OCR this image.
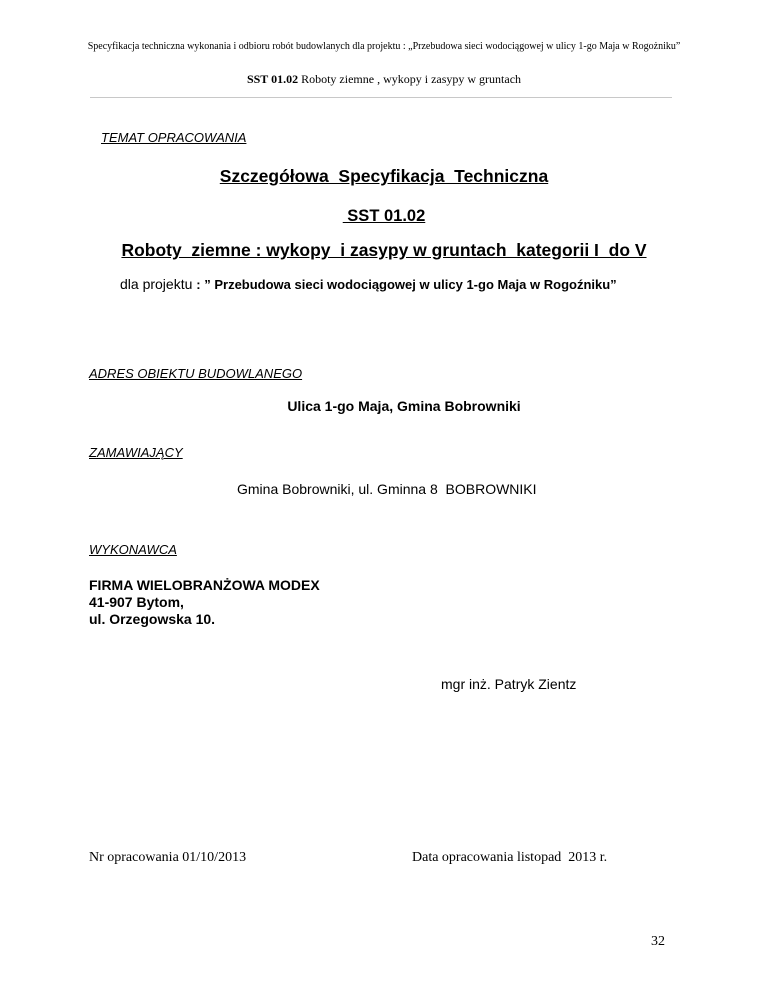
Specyfikacja techniczna wykonania i odbioru robót budowlanych dla projektu : „Przebudowa sieci wodociągowej w ulicy 1-go Maja w Rogożniku”
SST 01.02 Roboty ziemne , wykopy i zasypy w gruntach
TEMAT OPRACOWANIA
Szczegółowa  Specyfikacja  Techniczna
SST 01.02
Roboty  ziemne : wykopy  i zasypy w gruntach  kategorii I  do V
dla projektu : ” Przebudowa sieci wodociągowej w ulicy 1-go Maja w Rogoźniku”
ADRES OBIEKTU BUDOWLANEGO
Ulica 1-go Maja, Gmina Bobrowniki
ZAMAWIAJĄCY
Gmina Bobrowniki, ul. Gminna 8  BOBROWNIKI
WYKONAWCA
FIRMA WIELOBRANŻOWA MODEX
41-907 Bytom,
ul. Orzegowska 10.
mgr inż. Patryk Zientz
Nr opracowania 01/10/2013	Data opracowania listopad  2013 r.
32
